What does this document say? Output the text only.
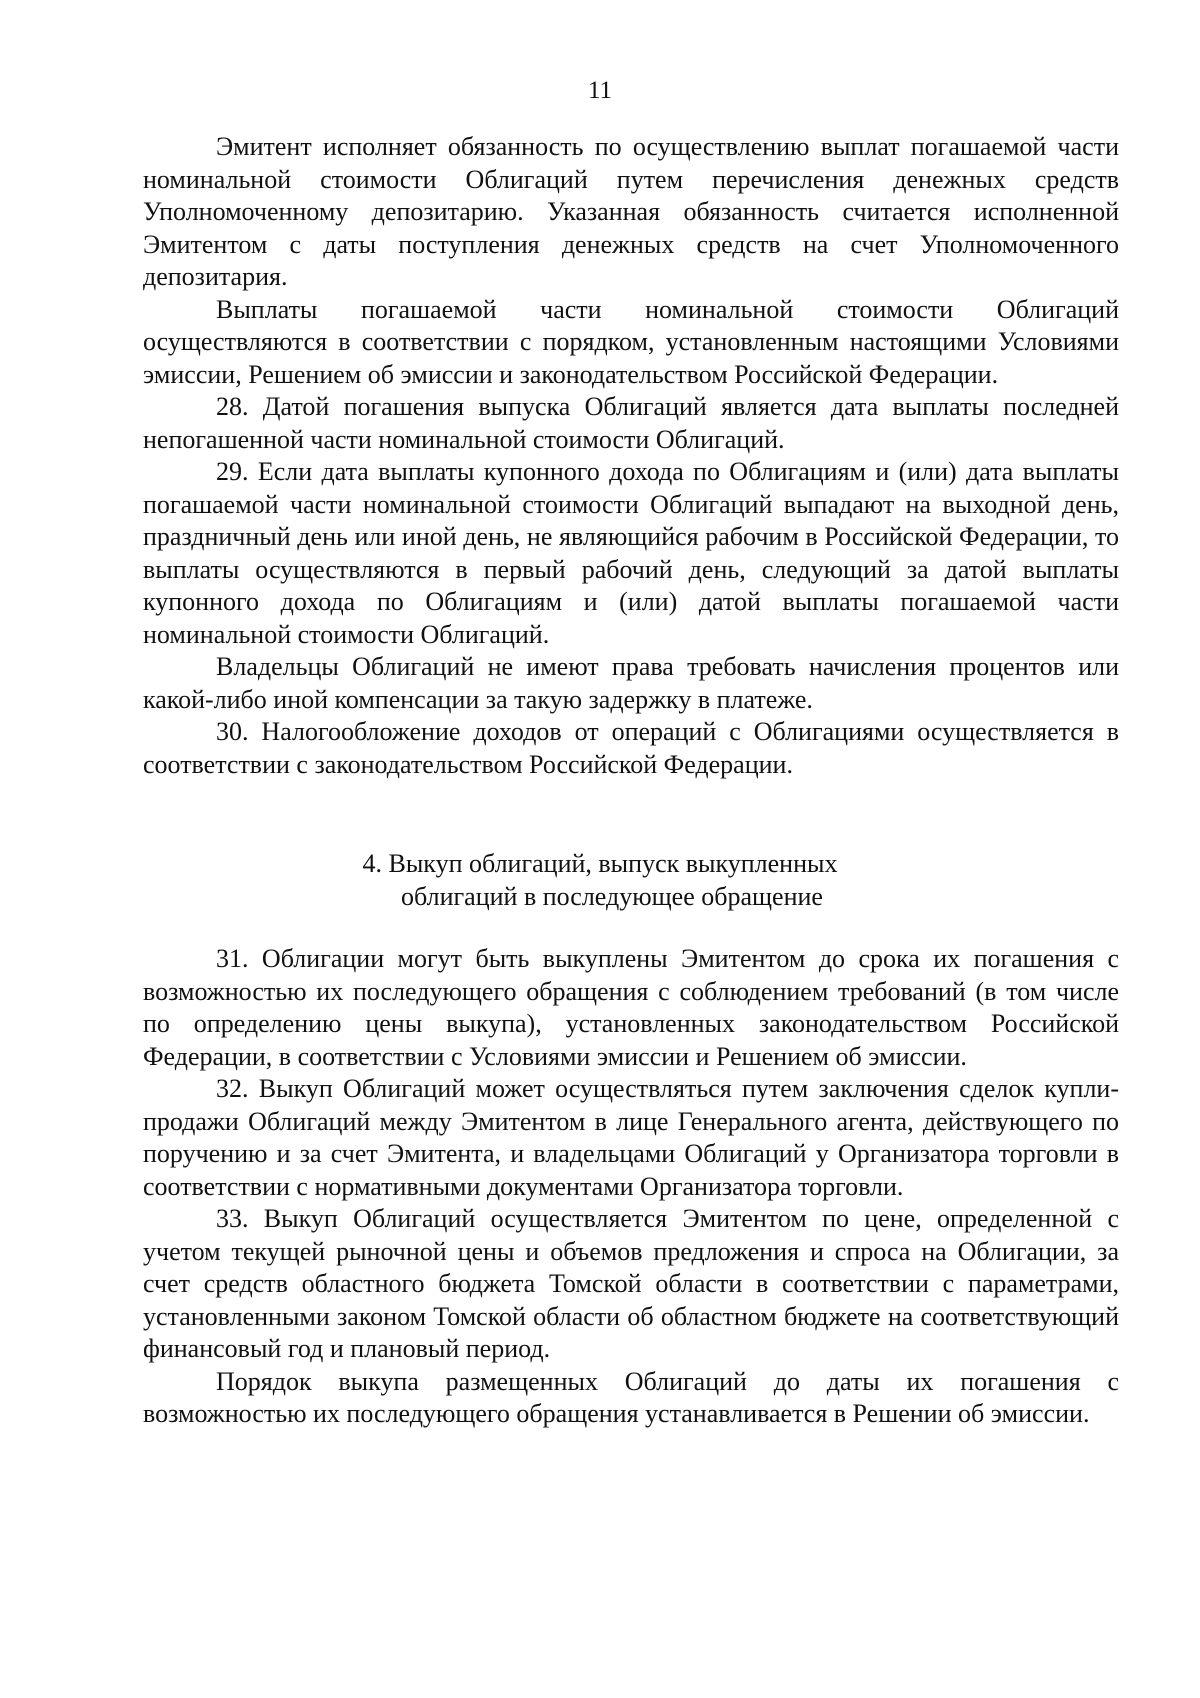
11

Эмитент исполняет обязанность по осуществлению выплат погашаемой части номинальной стоимости Облигаций путем перечисления денежных средств Уполномоченному депозитарию. Указанная обязанность считается исполненной Эмитентом с даты поступления денежных средств на счет Уполномоченного депозитария.

Выплаты погашаемой части номинальной стоимости Облигаций осуществляются в соответствии с порядком, установленным настоящими Условиями эмиссии, Решением об эмиссии и законодательством Российской Федерации.

28. Датой погашения выпуска Облигаций является дата выплаты последней непогашенной части номинальной стоимости Облигаций.

29. Если дата выплаты купонного дохода по Облигациям и (или) дата выплаты погашаемой части номинальной стоимости Облигаций выпадают на выходной день, праздничный день или иной день, не являющийся рабочим в Российской Федерации, то выплаты осуществляются в первый рабочий день, следующий за датой выплаты купонного дохода по Облигациям и (или) датой выплаты погашаемой части номинальной стоимости Облигаций.

Владельцы Облигаций не имеют права требовать начисления процентов или какой-либо иной компенсации за такую задержку в платеже.

30. Налогообложение доходов от операций с Облигациями осуществляется в соответствии с законодательством Российской Федерации.

4. Выкуп облигаций, выпуск выкупленных
облигаций в последующее обращение

31. Облигации могут быть выкуплены Эмитентом до срока их погашения с возможностью их последующего обращения с соблюдением требований (в том числе по определению цены выкупа), установленных законодательством Российской Федерации, в соответствии с Условиями эмиссии и Решением об эмиссии.

32. Выкуп Облигаций может осуществляться путем заключения сделок купли-продажи Облигаций между Эмитентом в лице Генерального агента, действующего по поручению и за счет Эмитента, и владельцами Облигаций у Организатора торговли в соответствии с нормативными документами Организатора торговли.

33. Выкуп Облигаций осуществляется Эмитентом по цене, определенной с учетом текущей рыночной цены и объемов предложения и спроса на Облигации, за счет средств областного бюджета Томской области в соответствии с параметрами, установленными законом Томской области об областном бюджете на соответствующий финансовый год и плановый период.

Порядок выкупа размещенных Облигаций до даты их погашения с возможностью их последующего обращения устанавливается в Решении об эмиссии.
